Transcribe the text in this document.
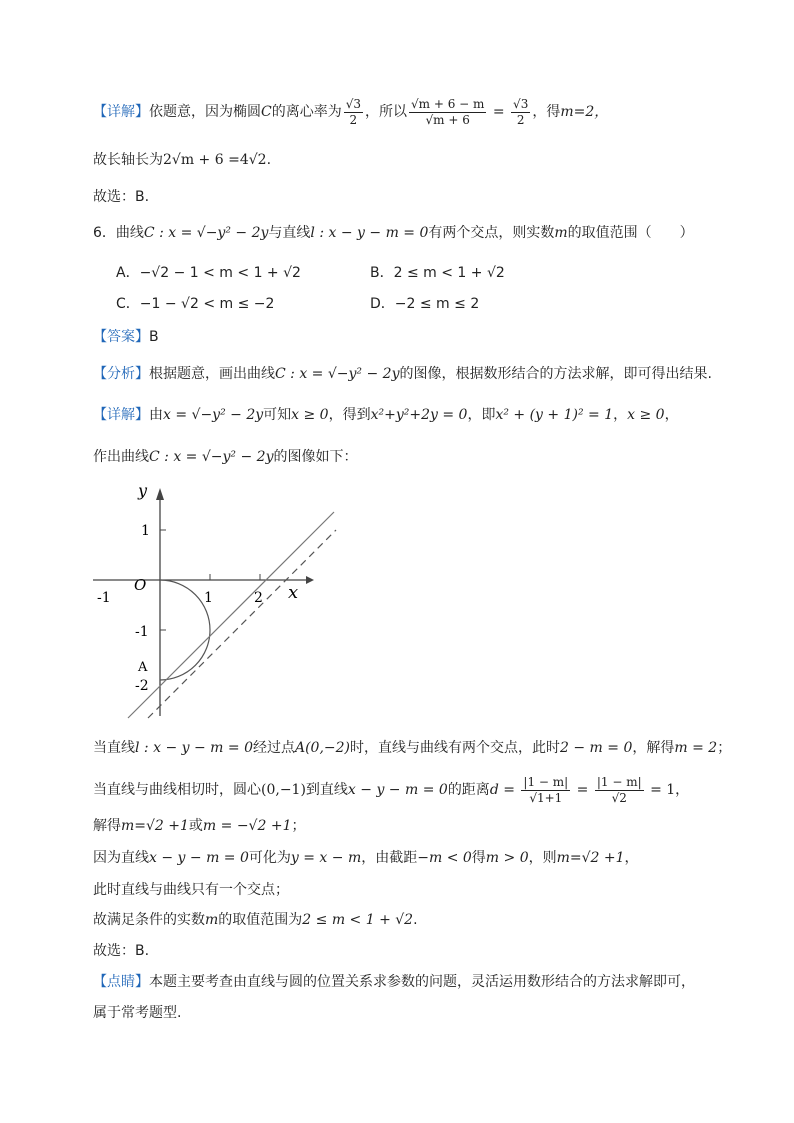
【详解】依题意，因为椭圆C的离心率为 $\frac{√3}{2}$ ，所以 $\frac{√m + 6 - m}{√m + 6} = \frac{√3}{2}$ ，得m=2，
故长轴长为2√m + 6 =4√2.
故选：B.
6．曲线C : x = √−y² − 2y与直线l : x − y − m = 0有两个交点，则实数m的取值范围（　　）
A．−√2 − 1 < m < 1 + √2	B．2 ≤ m < 1 + √2
C．−1 − √2 < m ≤ −2	D．−2 ≤ m ≤ 2
【答案】B
【分析】根据题意，画出曲线C : x = √−y² − 2y的图像，根据数形结合的方法求解，即可得出结果.
【详解】由x = √−y² − 2y可知x ≥ 0，得到x²+y²+2y = 0，即x² + (y + 1)² = 1，x ≥ 0，
作出曲线C : x = √−y² − 2y的图像如下：
y
x
O
-1	1	2
1
-1
A
-2
当直线l : x − y − m = 0经过点A(0,−2)时，直线与曲线有两个交点，此时2 − m = 0，解得m = 2；
当直线与曲线相切时，圆心(0,−1)到直线x − y − m = 0的距离$d = \frac{|1 - m|}{√1+1} = \frac{|1 - m|}{√2} = 1$，
解得m=√2 +1或m = −√2 +1；
因为直线x − y − m = 0可化为y = x − m，由截距−m < 0得m > 0，则m=√2 +1，
此时直线与曲线只有一个交点；
故满足条件的实数m的取值范围为2 ≤ m < 1 + √2.
故选：B.
【点睛】本题主要考查由直线与圆的位置关系求参数的问题，灵活运用数形结合的方法求解即可，
属于常考题型.
